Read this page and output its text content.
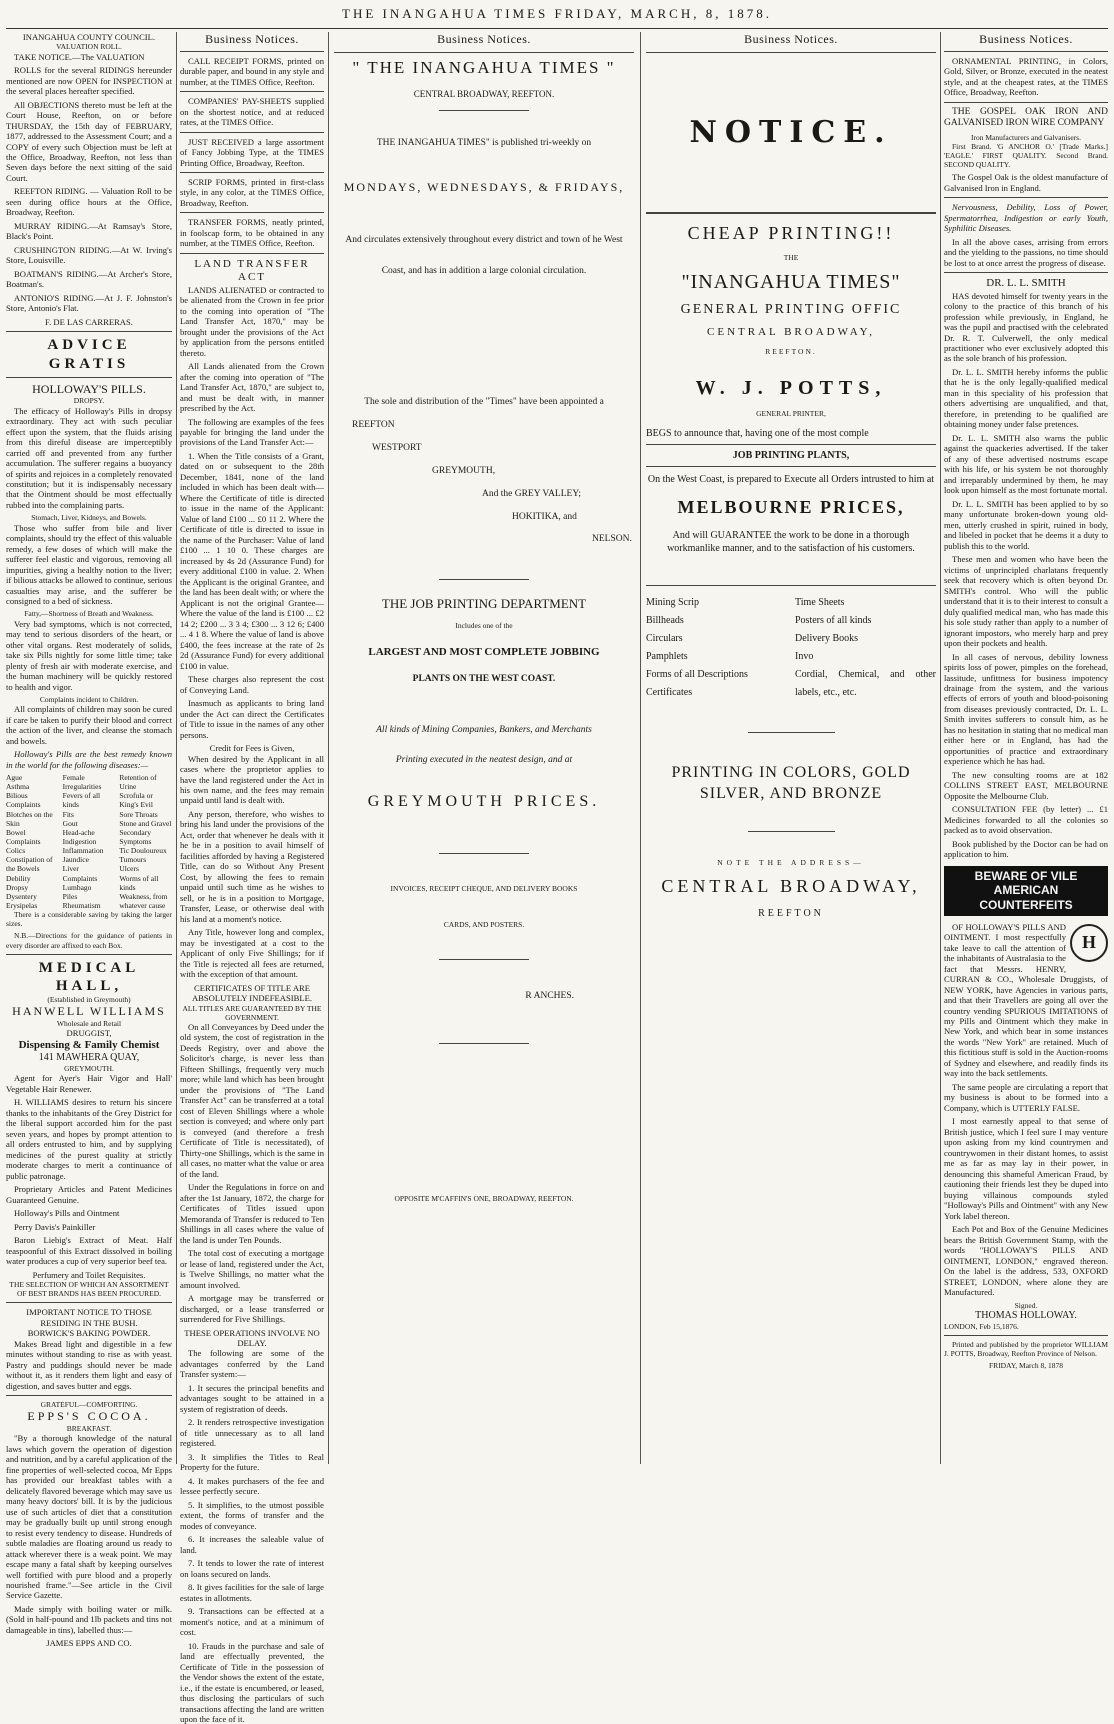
THE INANGAHUA TIMES FRIDAY, MARCH, 8, 1878.
INANGAHUA COUNTY COUNCIL.
VALUATION ROLL.
TAKE NOTICE.—The VALUATION
ROLLS for the several RIDINGS hereunder mentioned are now OPEN for INSPECTION at the several places hereafter specified.
All OBJECTIONS thereto must be left at the Court House, Reefton, on or before THURSDAY, the 15th day of FEBRUARY, 1877, addressed to the Assessment Court; and a COPY of every such Objection must be left at the Office, Broadway, Reefton, not less than Seven days before the next sitting of the said Court.
REEFTON RIDING. — Valuation Roll to be seen during office hours at the Office, Broadway, Reefton.
MURRAY RIDING.—At Ramsay's Store, Black's Point.
CRUSHINGTON RIDING.—At W. Irving's Store, Louisville.
BOATMAN'S RIDING.—At Archer's Store, Boatman's.
ANTONIO'S RIDING.—At J. F. Johnston's Store, Antonio's Flat.
F. DE LAS CARRERAS.
ADVICE GRATIS
HOLLOWAY'S PILLS.
DROPSY.
The efficacy of Holloway's Pills in dropsy extraordinary. They act with such peculiar effect upon the system, that the fluids arising from this direful disease are imperceptibly carried off and prevented from any further accumulation. The sufferer regains a buoyancy of spirits and rejoices in a completely renovated constitution; but it is indispensably necessary that the Ointment should be most effectually rubbed into the complaining parts.
Stomach, Liver, Kidneys, and Bowels.
Those who suffer from bile and liver complaints, should try the effect of this valuable remedy, a few doses of which will make the sufferer feel elastic and vigorous, removing all impurities, giving a healthy notion to the liver; if bilious attacks be allowed to continue, serious casualties may arise, and the sufferer be consigned to a bed of sickness.
Fatty,—Shortness of Breath and Weakness.
Very bad symptoms, which is not corrected, may tend to serious disorders of the heart, or other vital organs. Rest moderately of solids, take six Pills nightly for some little time; take plenty of fresh air with moderate exercise, and the human machinery will be quickly restored to health and vigor.
Complaints incident to Children.
All complaints of children may soon be cured if care be taken to purify their blood and correct the action of the liver, and cleanse the stomach and bowels.
Holloway's Pills are the best remedy known in the world for the following diseases:—
Ague
Asthma
Bilious Complaints
Blotches on the Skin
Bowel Complaints
Colics
Constipation of the Bowels
Debility
Dropsy
Dysentery
Erysipelas
Female Irregularities
Fevers of all kinds
Fits
Gout
Head-ache
Indigestion
Inflammation
Jaundice
Liver Complaints
Lumbago
Piles
Rheumatism
Retention of Urine
Scrofula or King's Evil
Sore Throats
Stone and Gravel
Secondary Symptoms
Tic Douloureux
Tumours
Ulcers
Worms of all kinds
Weakness, from whatever cause
There is a considerable saving by taking the larger sizes.
N.B.—Directions for the guidance of patients in every disorder are affixed to each Box.
MEDICAL HALL,
(Established in Greymouth)
HANWELL WILLIAMS
Wholesale and Retail
DRUGGIST,
Dispensing & Family Chemist
141 MAWHERA QUAY,
GREYMOUTH.
Agent for Ayer's Hair Vigor and Hall' Vegetable Hair Renewer.
H. WILLIAMS desires to return his sincere thanks to the inhabitants of the Grey District for the liberal support accorded him for the past seven years, and hopes by prompt attention to all orders entrusted to him, and by supplying medicines of the purest quality at strictly moderate charges to merit a continuance of public patronage.
Proprietary Articles and Patent Medicines Guaranteed Genuine.
Holloway's Pills and Ointment
Perry Davis's Painkiller
Baron Liebig's Extract of Meat. Half teaspoonful of this Extract dissolved in boiling water produces a cup of very superior beef tea.
Perfumery and Toilet Requisites.
THE SELECTION OF WHICH AN ASSORTMENT OF BEST BRANDS HAS BEEN PROCURED.
IMPORTANT NOTICE TO THOSE RESIDING IN THE BUSH.
BORWICK'S BAKING POWDER.
Makes Bread light and digestible in a few minutes without standing to rise as with yeast. Pastry and puddings should never be made without it, as it renders them light and easy of digestion, and saves butter and eggs.
GRATEFUL—COMFORTING.
EPPS'S COCOA.
BREAKFAST.
"By a thorough knowledge of the natural laws which govern the operation of digestion and nutrition, and by a careful application of the fine properties of well-selected cocoa, Mr Epps has provided our breakfast tables with a delicately flavored beverage which may save us many heavy doctors' bill. It is by the judicious use of such articles of diet that a constitution may be gradually built up until strong enough to resist every tendency to disease. Hundreds of subtle maladies are floating around us ready to attack wherever there is a weak point. We may escape many a fatal shaft by keeping ourselves well fortified with pure blood and a properly nourished frame."—See article in the Civil Service Gazette.
Made simply with boiling water or milk. (Sold in half-pound and 1lb packets and tins not damageable in tins), labelled thus:—
JAMES EPPS AND CO.
Business Notices.
CALL RECEIPT FORMS, printed on durable paper, and bound in any style and number, at the TIMES Office, Reefton.
COMPANIES' PAY-SHEETS supplied on the shortest notice, and at reduced rates, at the TIMES Office.
JUST RECEIVED a large assortment of Fancy Jobbing Type, at the TIMES Printing Office, Broadway, Reefton.
SCRIP FORMS, printed in first-class style, in any color, at the TIMES Office, Broadway, Reefton.
TRANSFER FORMS, neatly printed, in foolscap form, to be obtained in any number, at the TIMES Office, Reefton.
LAND TRANSFER ACT
LANDS ALIENATED or contracted to be alienated from the Crown in fee prior to the coming into operation of "The Land Transfer Act, 1870," may be brought under the provisions of the Act by application from the persons entitled thereto.
All Lands alienated from the Crown after the coming into operation of "The Land Transfer Act, 1870," are subject to, and must be dealt with, in manner prescribed by the Act.
The following are examples of the fees payable for bringing the land under the provisions of the Land Transfer Act:—
1. When the Title consists of a Grant, dated on or subsequent to the 28th December, 1841, none of the land included in which has been dealt with—Where the Certificate of title is directed to issue in the name of the Applicant: Value of land £100 ... £0 11 2. Where the Certificate of title is directed to issue in the name of the Purchaser: Value of land £100 ... 1 10 0. These charges are increased by 4s 2d (Assurance Fund) for every additional £100 in value. 2. When the Applicant is the original Grantee, and the land has been dealt with; or where the Applicant is not the original Grantee— Where the value of the land is £100 ... £2 14 2; £200 ... 3 3 4; £300 ... 3 12 6; £400 ... 4 1 8. Where the value of land is above £400, the fees increase at the rate of 2s 2d (Assurance Fund) for every additional £100 in value.
These charges also represent the cost of Conveying Land.
Inasmuch as applicants to bring land under the Act can direct the Certificates of Title to issue in the names of any other persons.
Credit for Fees is Given,
When desired by the Applicant in all cases where the proprietor applies to have the land registered under the Act in his own name, and the fees may remain unpaid until land is dealt with.
Any person, therefore, who wishes to bring his land under the provisions of the Act, order that whenever he deals with it he be in a position to avail himself of facilities afforded by having a Registered Title, can do so Without Any Present Cost, by allowing the fees to remain unpaid until such time as he wishes to sell, or he is in a position to Mortgage, Transfer, Lease, or otherwise deal with his land at a moment's notice.
Any Title, however long and complex, may be investigated at a cost to the Applicant of only Five Shillings; for if the Title is rejected all fees are returned, with the exception of that amount.
CERTIFICATES OF TITLE ARE ABSOLUTELY INDEFEASIBLE.
ALL TITLES ARE GUARANTEED BY THE GOVERNMENT.
On all Conveyances by Deed under the old system, the cost of registration in the Deeds Registry, over and above the Solicitor's charge, is never less than Fifteen Shillings, frequently very much more; while land which has been brought under the provisions of "The Land Transfer Act" can be transferred at a total cost of Eleven Shillings where a whole section is conveyed; and where only part is conveyed (and therefore a fresh Certificate of Title is necessitated), of Thirty-one Shillings, which is the same in all cases, no matter what the value or area of the land.
Under the Regulations in force on and after the 1st January, 1872, the charge for Certificates of Titles issued upon Memoranda of Transfer is reduced to Ten Shillings in all cases where the value of the land is under Ten Pounds.
The total cost of executing a mortgage or lease of land, registered under the Act, is Twelve Shillings, no matter what the amount involved.
A mortgage may be transferred or discharged, or a lease transferred or surrendered for Five Shillings.
THESE OPERATIONS INVOLVE NO DELAY.
The following are some of the advantages conferred by the Land Transfer system:—
1. It secures the principal benefits and advantages sought to be attained in a system of registration of deeds.
2. It renders retrospective investigation of title unnecessary as to all land registered.
3. It simplifies the Titles to Real Property for the future.
4. It makes purchasers of the fee and lessee perfectly secure.
5. It simplifies, to the utmost possible extent, the forms of transfer and the modes of conveyance.
6. It increases the saleable value of land.
7. It tends to lower the rate of interest on loans secured on lands.
8. It gives facilities for the sale of large estates in allotments.
9. Transactions can be effected at a moment's notice, and at a minimum of cost.
10. Frauds in the purchase and sale of land are effectually prevented, the Certificate of Title in the possession of the Vendor shows the extent of the estate, i.e., if the estate is encumbered, or leased, thus disclosing the particulars of such transactions affecting the land are written upon the face of it.
Business Notices.
" THE INANGAHUA TIMES "
CENTRAL BROADWAY, REEFTON.
THE INANGAHUA TIMES" is published tri-weekly on
MONDAYS, WEDNESDAYS, & FRIDAYS,
And circulates extensively throughout every district and town of he West Coast, and has in addition a large colonial circulation.
The sole and distribution of the "Times" have been appointed a
REEFTON
WESTPORT
GREYMOUTH,
And the GREY VALLEY;
HOKITIKA, and
NELSON.
THE JOB PRINTING DEPARTMENT
Includes one of the
LARGEST AND MOST COMPLETE JOBBING
PLANTS ON THE WEST COAST.
All kinds of Mining Companies, Bankers, and Merchants
Printing executed in the neatest design, and at
GREYMOUTH PRICES.
INVOICES, RECEIPT CHEQUE, AND DELIVERY BOOKS
CARDS, AND POSTERS.
R ANCHES.
OPPOSITE M'CAFFIN'S ONE, BROADWAY, REEFTON.
Business Notices.
NOTICE.
CHEAP PRINTING!!
THE
"INANGAHUA TIMES"
GENERAL PRINTING OFFIC
CENTRAL BROADWAY,
REEFTON.
W. J. POTTS,
GENERAL PRINTER,
BEGS to announce that, having one of the most comple
JOB PRINTING PLANTS,
On the West Coast, is prepared to Execute all Orders intrusted to him at
MELBOURNE PRICES,
And will GUARANTEE the work to be done in a thorough workmanlike manner, and to the satisfaction of his customers.
Mining Scrip
Billheads
Circulars
Pamphlets
Forms of all Descriptions
Certificates
Time Sheets
Posters of all kinds
Delivery Books
Invo
Cordial, Chemical, and other labels, etc., etc.
PRINTING IN COLORS, GOLD SILVER, AND BRONZE
NOTE THE ADDRESS—
CENTRAL BROADWAY,
REEFTON
Business Notices.
ORNAMENTAL PRINTING, in Colors, Gold, Silver, or Bronze, executed in the neatest style, and at the cheapest rates, at the TIMES Office, Broadway, Reefton.
THE GOSPEL OAK IRON AND GALVANISED IRON WIRE COMPANY
Iron Manufacturers and Galvanisers.
First Brand. 'G ANCHOR O.' [Trade Marks.] 'EAGLE.' FIRST QUALITY. Second Brand. SECOND QUALITY.
The Gospel Oak is the oldest manufacture of Galvanised Iron in England.
Nervousness, Debility, Loss of Power, Spermatorrhea, Indigestion or early Youth, Syphilitic Diseases.
In all the above cases, arrising from errors and the yielding to the passions, no time should be lost to at once arrest the progress of disease.
DR. L. L. SMITH
HAS devoted himself for twenty years in the colony to the practice of this branch of his profession while previously, in England, he was the pupil and practised with the celebrated Dr. R. T. Culverwell, the only medical practitioner who ever exclusively adopted this as the sole branch of his profession.
Dr. L. L. SMITH hereby informs the public that he is the only legally-qualified medical man in this speciality of his profession that others advertising are unqualified, and that, therefore, in pretending to be qualified are obtaining money under false pretences.
Dr. L. L. SMITH also warns the public against the quackeries advertised. If the taker of any of these advertised nostrums escape with his life, or his system be not thoroughly and irreparably undermined by them, he may look upon himself as the most fortunate mortal.
Dr. L. L. SMITH has been applied to by so many unfortunate broken-down young old-men, utterly crushed in spirit, ruined in body, and libeled in pocket that he deems it a duty to publish this to the world.
These men and women who have been the victims of unprincipled charlatans frequently seek that recovery which is often beyond Dr. SMITH's control. Who will the public understand that it is to their interest to consult a duly qualified medical man, who has made this his sole study rather than apply to a number of ignorant impostors, who merely harp and prey upon their pockets and health.
In all cases of nervous, debility lowness spirits loss of power, pimples on the forehead, lassitude, unfittness for business impotency drainage from the system, and the various effects of errors of youth and blood-poisoning from diseases previously contracted, Dr. L. L. Smith invites sufferers to consult him, as he has no hesitation in stating that no medical man either here or in England, has had the opportunities of practice and extraordinary experience which he has had.
The new consulting rooms are at 182 COLLINS STREET EAST, MELBOURNE Opposite the Melbourne Club.
CONSULTATION FEE (by letter) ... £1 Medicines forwarded to all the colonies so packed as to avoid observation.
Book published by the Doctor can be had on application to him.
BEWARE OF VILE AMERICAN COUNTERFEITS
H
OF HOLLOWAY'S PILLS AND OINTMENT. I most respectfully take leave to call the attention of the inhabitants of Australasia to the fact that Messrs. HENRY, CURRAN & CO., Wholesale Druggists, of NEW YORK, have Agencies in various parts, and that their Travellers are going all over the country vending SPURIOUS IMITATIONS of my Pills and Ointment which they make in New York, and which bear in some instances the words "New York" are retained. Much of this fictitious stuff is sold in the Auction-rooms of Sydney and elsewhere, and readily finds its way into the back settlements.
The same people are circulating a report that my business is about to be formed into a Company, which is UTTERLY FALSE.
I most earnestly appeal to that sense of British justice, which I feel sure I may venture upon asking from my kind countrymen and countrywomen in their distant homes, to assist me as far as may lay in their power, in denouncing this shameful American Fraud, by cautioning their friends lest they be duped into buying villainous compounds styled "Holloway's Pills and Ointment" with any New York label thereon.
Each Pot and Box of the Genuine Medicines bears the British Government Stamp, with the words "HOLLOWAY'S PILLS AND OINTMENT, LONDON," engraved thereon. On the label is the address, 533, OXFORD STREET, LONDON, where alone they are Manufactured.
Signed.
THOMAS HOLLOWAY.
LONDON, Feb 15,1876.
Printed and published by the proprietor WILLIAM J. POTTS, Broadway, Reefton Province of Nelson.
FRIDAY, March 8, 1878
